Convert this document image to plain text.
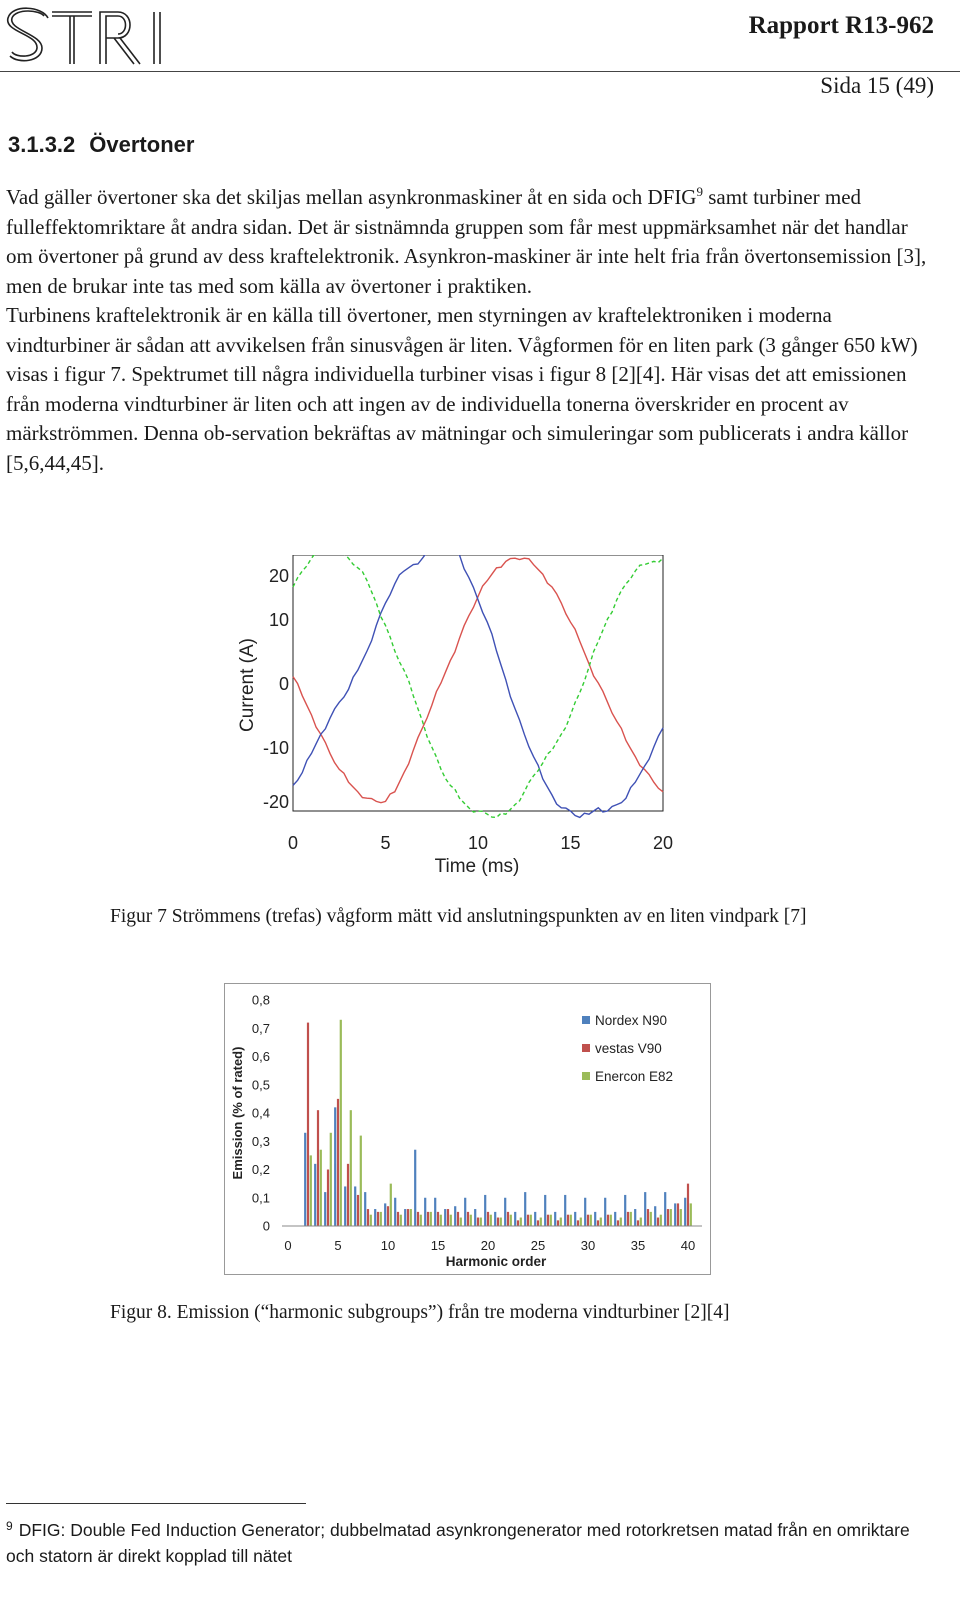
Rapport R13-962
Sida 15 (49)
3.1.3.2 Övertoner

Vad gäller övertoner ska det skiljas mellan asynkronmaskiner åt en sida och DFIG$^9$ samt turbiner med fulleffektomriktare åt andra sidan. Det är sistnämnda gruppen som får mest uppmärksamhet när det handlar om övertoner på grund av dess kraftelektronik. Asynkron-maskiner är inte helt fria från övertonsemission [3], men de brukar inte tas med som källa av övertoner i praktiken.

Turbinens kraftelektronik är en källa till övertoner, men styrningen av kraftelektroniken i moderna vindturbiner är sådan att avvikelsen från sinusvågen är liten. Vågformen för en liten park (3 gånger 650 kW) visas i figur 7. Spektrumet till några individuella turbiner visas i figur 8 [2][4]. Här visas det att emissionen från moderna vindturbiner är liten och att ingen av de individuella tonerna överskrider en procent av märkströmmen. Denna ob-servation bekräftas av mätningar och simuleringar som publicerats i andra källor [5,6,44,45].

Current (A)
20
10
0
-10
-20
0	5	10	15	20
Time (ms)
Figur 7 Strömmens (trefas) vågform mätt vid anslutningspunkten av en liten vindpark [7]
Emission (% of rated)
0
0,1
0,2
0,3
0,4
0,5
0,6
0,7
0,8
0	5	10	15	20	25	30	35	40
Nordex N90
vestas V90
Enercon E82
Harmonic order
Figur 8. Emission (“harmonic subgroups”) från tre moderna vindturbiner [2][4]
$^9$ DFIG: Double Fed Induction Generator; dubbelmatad asynkrongenerator med rotorkretsen matad från en omriktare och statorn är direkt kopplad till nätet
